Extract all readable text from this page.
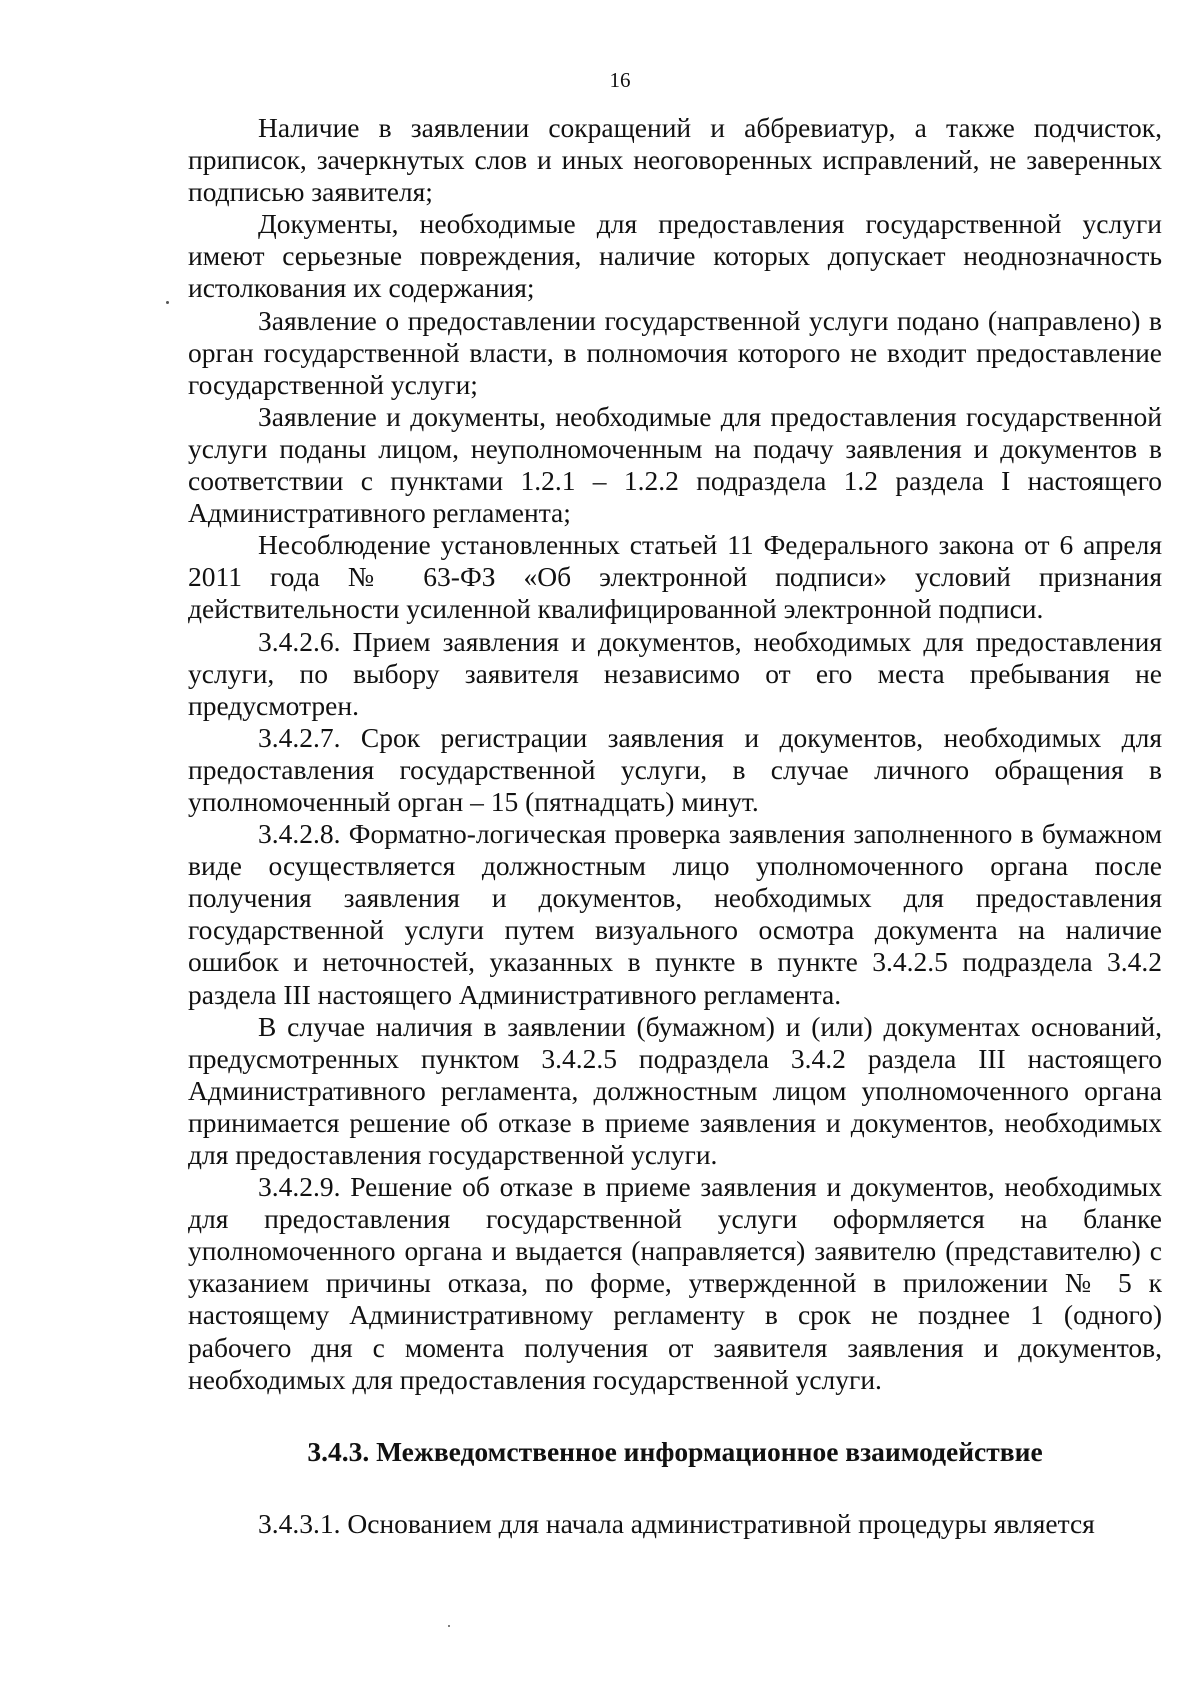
16

Наличие в заявлении сокращений и аббревиатур, а также подчисток, приписок, зачеркнутых слов и иных неоговоренных исправлений, не заверенных подписью заявителя;

Документы, необходимые для предоставления государственной услуги имеют серьезные повреждения, наличие которых допускает неоднозначность истолкования их содержания;

Заявление о предоставлении государственной услуги подано (направлено) в орган государственной власти, в полномочия которого не входит предоставление государственной услуги;

Заявление и документы, необходимые для предоставления государственной услуги поданы лицом, неуполномоченным на подачу заявления и документов в соответствии с пунктами 1.2.1 – 1.2.2 подраздела 1.2 раздела I настоящего Административного регламента;

Несоблюдение установленных статьей 11 Федерального закона от 6 апреля 2011 года № 63-ФЗ «Об электронной подписи» условий признания действительности усиленной квалифицированной электронной подписи.

3.4.2.6. Прием заявления и документов, необходимых для предоставления услуги, по выбору заявителя независимо от его места пребывания не предусмотрен.

3.4.2.7. Срок регистрации заявления и документов, необходимых для предоставления государственной услуги, в случае личного обращения в уполномоченный орган – 15 (пятнадцать) минут.

3.4.2.8. Форматно-логическая проверка заявления заполненного в бумажном виде осуществляется должностным лицо уполномоченного органа после получения заявления и документов, необходимых для предоставления государственной услуги путем визуального осмотра документа на наличие ошибок и неточностей, указанных в пункте в пункте 3.4.2.5 подраздела 3.4.2 раздела III настоящего Административного регламента.

В случае наличия в заявлении (бумажном) и (или) документах оснований, предусмотренных пунктом 3.4.2.5 подраздела 3.4.2 раздела III настоящего Административного регламента, должностным лицом уполномоченного органа принимается решение об отказе в приеме заявления и документов, необходимых для предоставления государственной услуги.

3.4.2.9. Решение об отказе в приеме заявления и документов, необходимых для предоставления государственной услуги оформляется на бланке уполномоченного органа и выдается (направляется) заявителю (представителю) с указанием причины отказа, по форме, утвержденной в приложении № 5 к настоящему Административному регламенту в срок не позднее 1 (одного) рабочего дня с момента получения от заявителя заявления и документов, необходимых для предоставления государственной услуги.

3.4.3. Межведомственное информационное взаимодействие

3.4.3.1. Основанием для начала административной процедуры является
